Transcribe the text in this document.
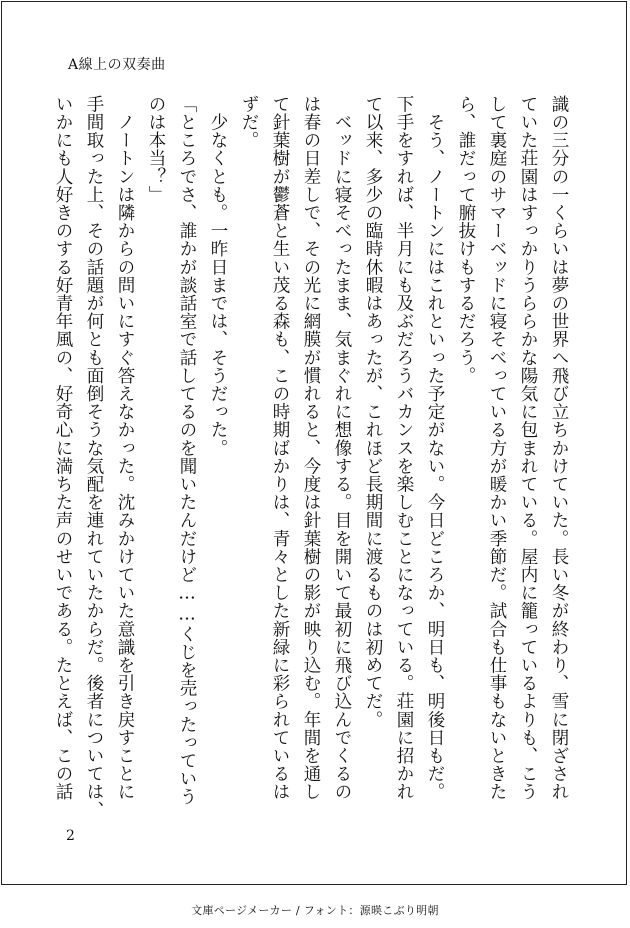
A線上の双奏曲

識の三分の一くらいは夢の世界へ飛び立ちかけていた。長い冬が終わり、雪に閉ざされ

ていた荘園はすっかりうららかな陽気に包まれている。屋内に籠っているよりも、こう

して裏庭のサマーベッドに寝そべっている方が暖かい季節だ。試合も仕事もないときた

ら、誰だって腑抜けもするだろう。

　そう、ノートンにはこれといった予定がない。今日どころか、明日も、明後日もだ。

下手をすれば、半月にも及ぶだろうバカンスを楽しむことになっている。荘園に招かれ

て以来、多少の臨時休暇はあったが、これほど長期間に渡るものは初めてだ。

　ベッドに寝そべったまま、気まぐれに想像する。目を開いて最初に飛び込んでくるの

は春の日差しで、その光に網膜が慣れると、今度は針葉樹の影が映り込む。年間を通し

て針葉樹が鬱蒼と生い茂る森も、この時期ばかりは、青々とした新緑に彩られているは

ずだ。

　少なくとも。一昨日までは、そうだった。

「ところでさ、誰かが談話室で話してるのを聞いたんだけど……くじを売ったっていう

のは本当？」

　ノートンは隣からの問いにすぐ答えなかった。沈みかけていた意識を引き戻すことに

手間取った上、その話題が何とも面倒そうな気配を連れていたからだ。後者については、

いかにも人好きのする好青年風の、好奇心に満ちた声のせいである。たとえば、この話

2
文庫ページメーカー / フォント：源暎こぶり明朝
